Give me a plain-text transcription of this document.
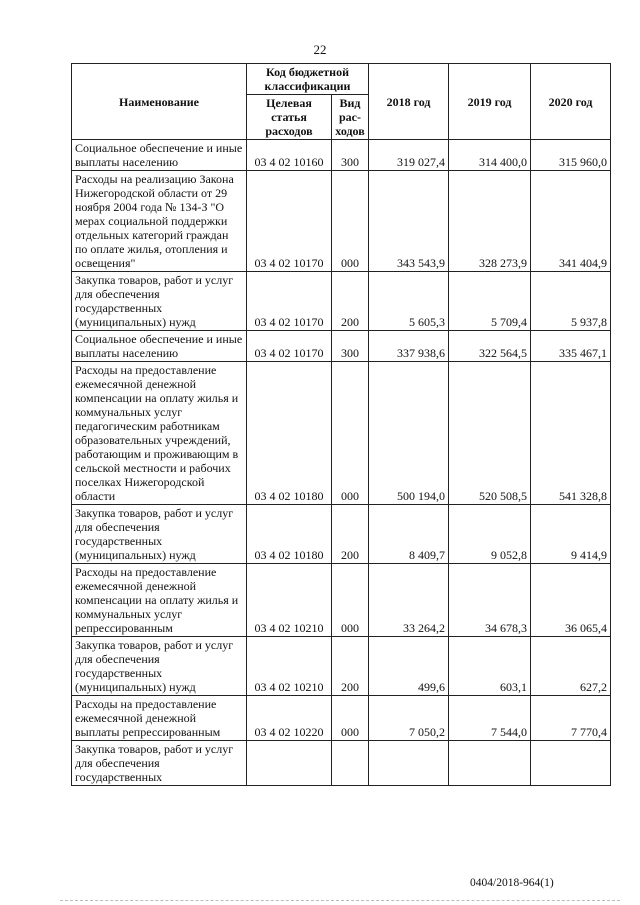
22
Наименование	Код бюджетной классификации		2018 год	2019 год	2020 год
	Целевая статья расходов	Вид рас-ходов			
Социальное обеспечение и иные выплаты населению	03 4 02 10160	300	319 027,4	314 400,0	315 960,0
Расходы на реализацию Закона Нижегородской области от 29 ноября 2004 года № 134-З "О мерах социальной поддержки отдельных категорий граждан по оплате жилья, отопления и освещения"	03 4 02 10170	000	343 543,9	328 273,9	341 404,9
Закупка товаров, работ и услуг для обеспечения государственных (муниципальных) нужд	03 4 02 10170	200	5 605,3	5 709,4	5 937,8
Социальное обеспечение и иные выплаты населению	03 4 02 10170	300	337 938,6	322 564,5	335 467,1
Расходы на предоставление ежемесячной денежной компенсации на оплату жилья и коммунальных услуг педагогическим работникам образовательных учреждений, работающим и проживающим в сельской местности и рабочих поселках Нижегородской области	03 4 02 10180	000	500 194,0	520 508,5	541 328,8
Закупка товаров, работ и услуг для обеспечения государственных (муниципальных) нужд	03 4 02 10180	200	8 409,7	9 052,8	9 414,9
Расходы на предоставление ежемесячной денежной компенсации на оплату жилья и коммунальных услуг репрессированным	03 4 02 10210	000	33 264,2	34 678,3	36 065,4
Закупка товаров, работ и услуг для обеспечения государственных (муниципальных) нужд	03 4 02 10210	200	499,6	603,1	627,2
Расходы на предоставление ежемесячной денежной выплаты репрессированным	03 4 02 10220	000	7 050,2	7 544,0	7 770,4
Закупка товаров, работ и услуг для обеспечения государственных					
0404/2018-964(1)
